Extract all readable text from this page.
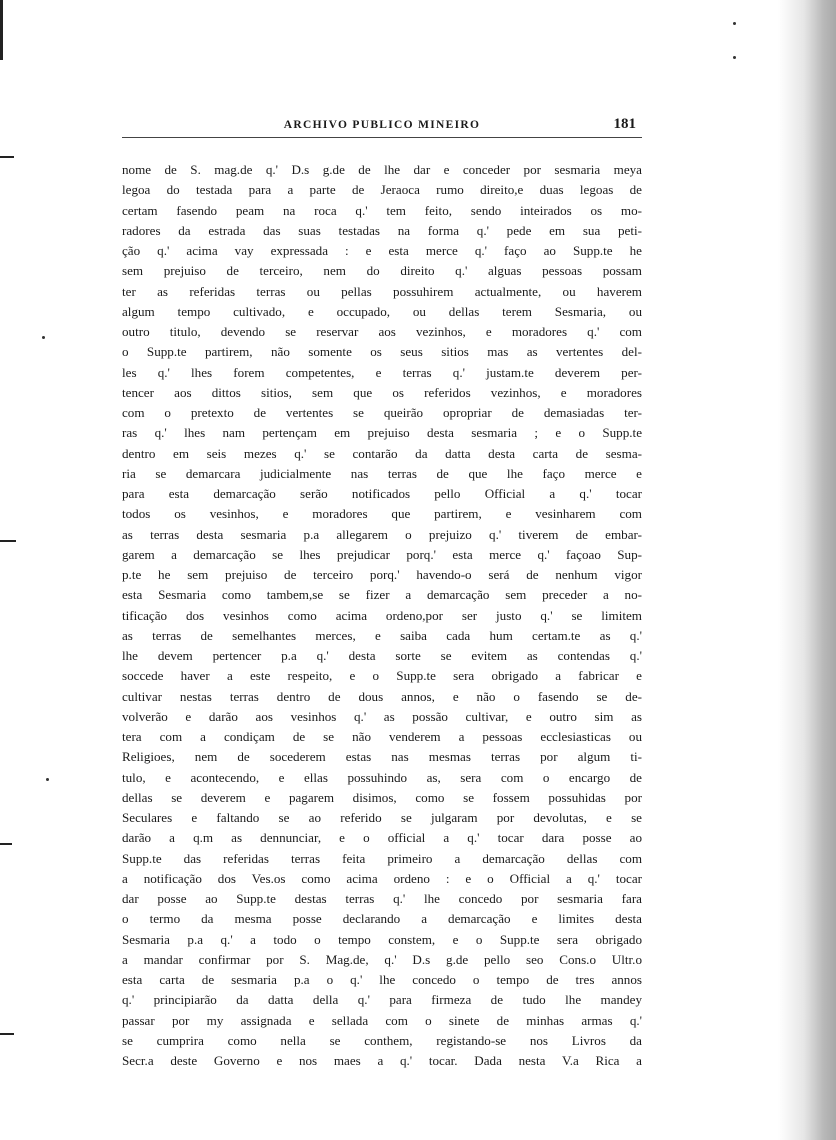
ARCHIVO PUBLICO MINEIRO	181
nome de S. mag.de q.' D.s g.de de lhe dar e conceder por sesmaria meya
legoa do testada para a parte de Jeraoca rumo direito,e duas legoas de
certam fasendo peam na roca q.' tem feito, sendo inteirados os mo-
radores da estrada das suas testadas na forma q.' pede em sua peti-
ção q.' acima vay expressada : e esta merce q.' faço ao Supp.te he
sem prejuiso de terceiro, nem do direito q.' alguas pessoas possam
ter as referidas terras ou pellas possuhirem actualmente, ou haverem
algum tempo cultivado, e occupado, ou dellas terem Sesmaria, ou
outro titulo, devendo se reservar aos vezinhos, e moradores q.' com
o Supp.te partirem, não somente os seus sitios mas as vertentes del-
les q.' lhes forem competentes, e terras q.' justam.te deverem per-
tencer aos dittos sitios, sem que os referidos vezinhos, e moradores
com o pretexto de vertentes se queirão opropriar de demasiadas ter-
ras q.' lhes nam pertençam em prejuiso desta sesmaria ; e o Supp.te
dentro em seis mezes q.' se contarão da datta desta carta de sesma-
ria se demarcara judicialmente nas terras de que lhe faço merce e
para esta demarcação serão notificados pello Official a q.' tocar
todos os vesinhos, e moradores que partirem, e vesinharem com
as terras desta sesmaria p.a allegarem o prejuizo q.' tiverem de embar-
garem a demarcação se lhes prejudicar porq.' esta merce q.' façoao Sup-
p.te he sem prejuiso de terceiro porq.' havendo-o será de nenhum vigor
esta Sesmaria como tambem,se se fizer a demarcação sem preceder a no-
tificação dos vesinhos como acima ordeno,por ser justo q.' se limitem
as terras de semelhantes merces, e saiba cada hum certam.te as q.'
lhe devem pertencer p.a q.' desta sorte se evitem as contendas q.'
soccede haver a este respeito, e o Supp.te sera obrigado a fabricar e
cultivar nestas terras dentro de dous annos, e não o fasendo se de-
volverão e darão aos vesinhos q.' as possão cultivar, e outro sim as
tera com a condiçam de se não venderem a pessoas ecclesiasticas ou
Religioes, nem de socederem estas nas mesmas terras por algum ti-
tulo, e acontecendo, e ellas possuhindo as, sera com o encargo de
dellas se deverem e pagarem disimos, como se fossem possuhidas por
Seculares e faltando se ao referido se julgaram por devolutas, e se
darão a q.m as dennunciar, e o official a q.' tocar dara posse ao
Supp.te das referidas terras feita primeiro a demarcação dellas com
a notificação dos Ves.os como acima ordeno : e o Official a q.' tocar
dar posse ao Supp.te destas terras q.' lhe concedo por sesmaria fara
o termo da mesma posse declarando a demarcação e limites desta
Sesmaria p.a q.' a todo o tempo constem, e o Supp.te sera obrigado
a mandar confirmar por S. Mag.de, q.' D.s g.de pello seo Cons.o Ultr.o
esta carta de sesmaria p.a o q.' lhe concedo o tempo de tres annos
q.' principiarão da datta della q.' para firmeza de tudo lhe mandey
passar por my assignada e sellada com o sinete de minhas armas q.'
se cumprira como nella se conthem, registando-se nos Livros da
Secr.a deste Governo e nos maes a q.' tocar. Dada nesta V.a Rica a
